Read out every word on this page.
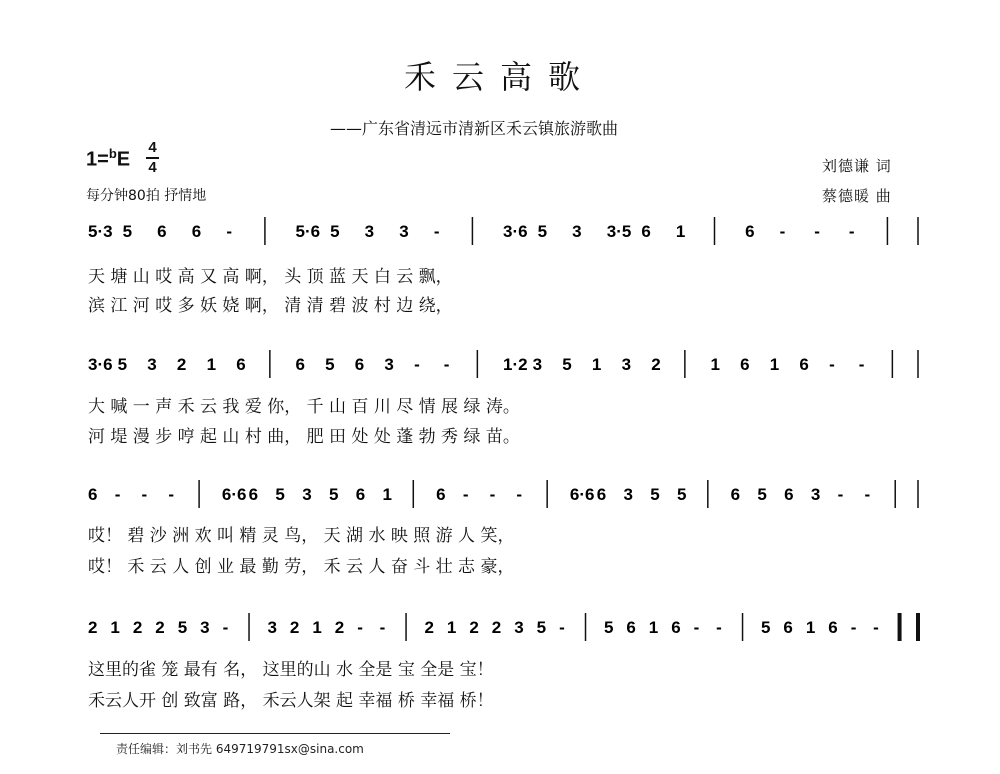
禾云高歌
——广东省清远市清新区禾云镇旅游歌曲
1=$^b$E
4
4
每分钟80拍 抒情地
刘德谦 词
蔡德暖 曲
5·3 5 6 6 -	5·6 5 3 3 -	3·6 5 3 3·5 6 1	6 - - -
3·6 5 3 2 1 6	6 5 6 3 - -	1·2 3 5 1 3 2	1 6 1 6 - -
6 - - -	6·6 6 5 3 5 6 1	6 - - -	6·6 6 3 5 5	6 5 6 3 - -
2 1 2 2 5 3 - 3 2 1 2 - - 2 1 2 2 3 5 - 5 6 1 6 - - 5 6 1 6 - -
天 塘 山 哎 高 又 高 啊， 头 顶 蓝 天 白 云 飘，
滨 江 河 哎 多 妖 娆 啊， 清 清 碧 波 村 边 绕，
大 喊 一 声 禾 云 我 爱 你， 千 山 百 川 尽 情 展 绿 涛。
河 堤 漫 步 哼 起 山 村 曲， 肥 田 处 处 蓬 勃 秀 绿 苗。
哎！ 碧 沙 洲 欢 叫 精 灵 鸟， 天 湖 水 映 照 游 人 笑，
哎！ 禾 云 人 创 业 最 勤 劳， 禾 云 人 奋 斗 壮 志 豪，
这里的雀 笼 最有 名， 这里的山 水 全是 宝 全是 宝！
禾云人开 创 致富 路， 禾云人架 起 幸福 桥 幸福 桥！
责任编辑：刘书先 649719791sx@sina.com
